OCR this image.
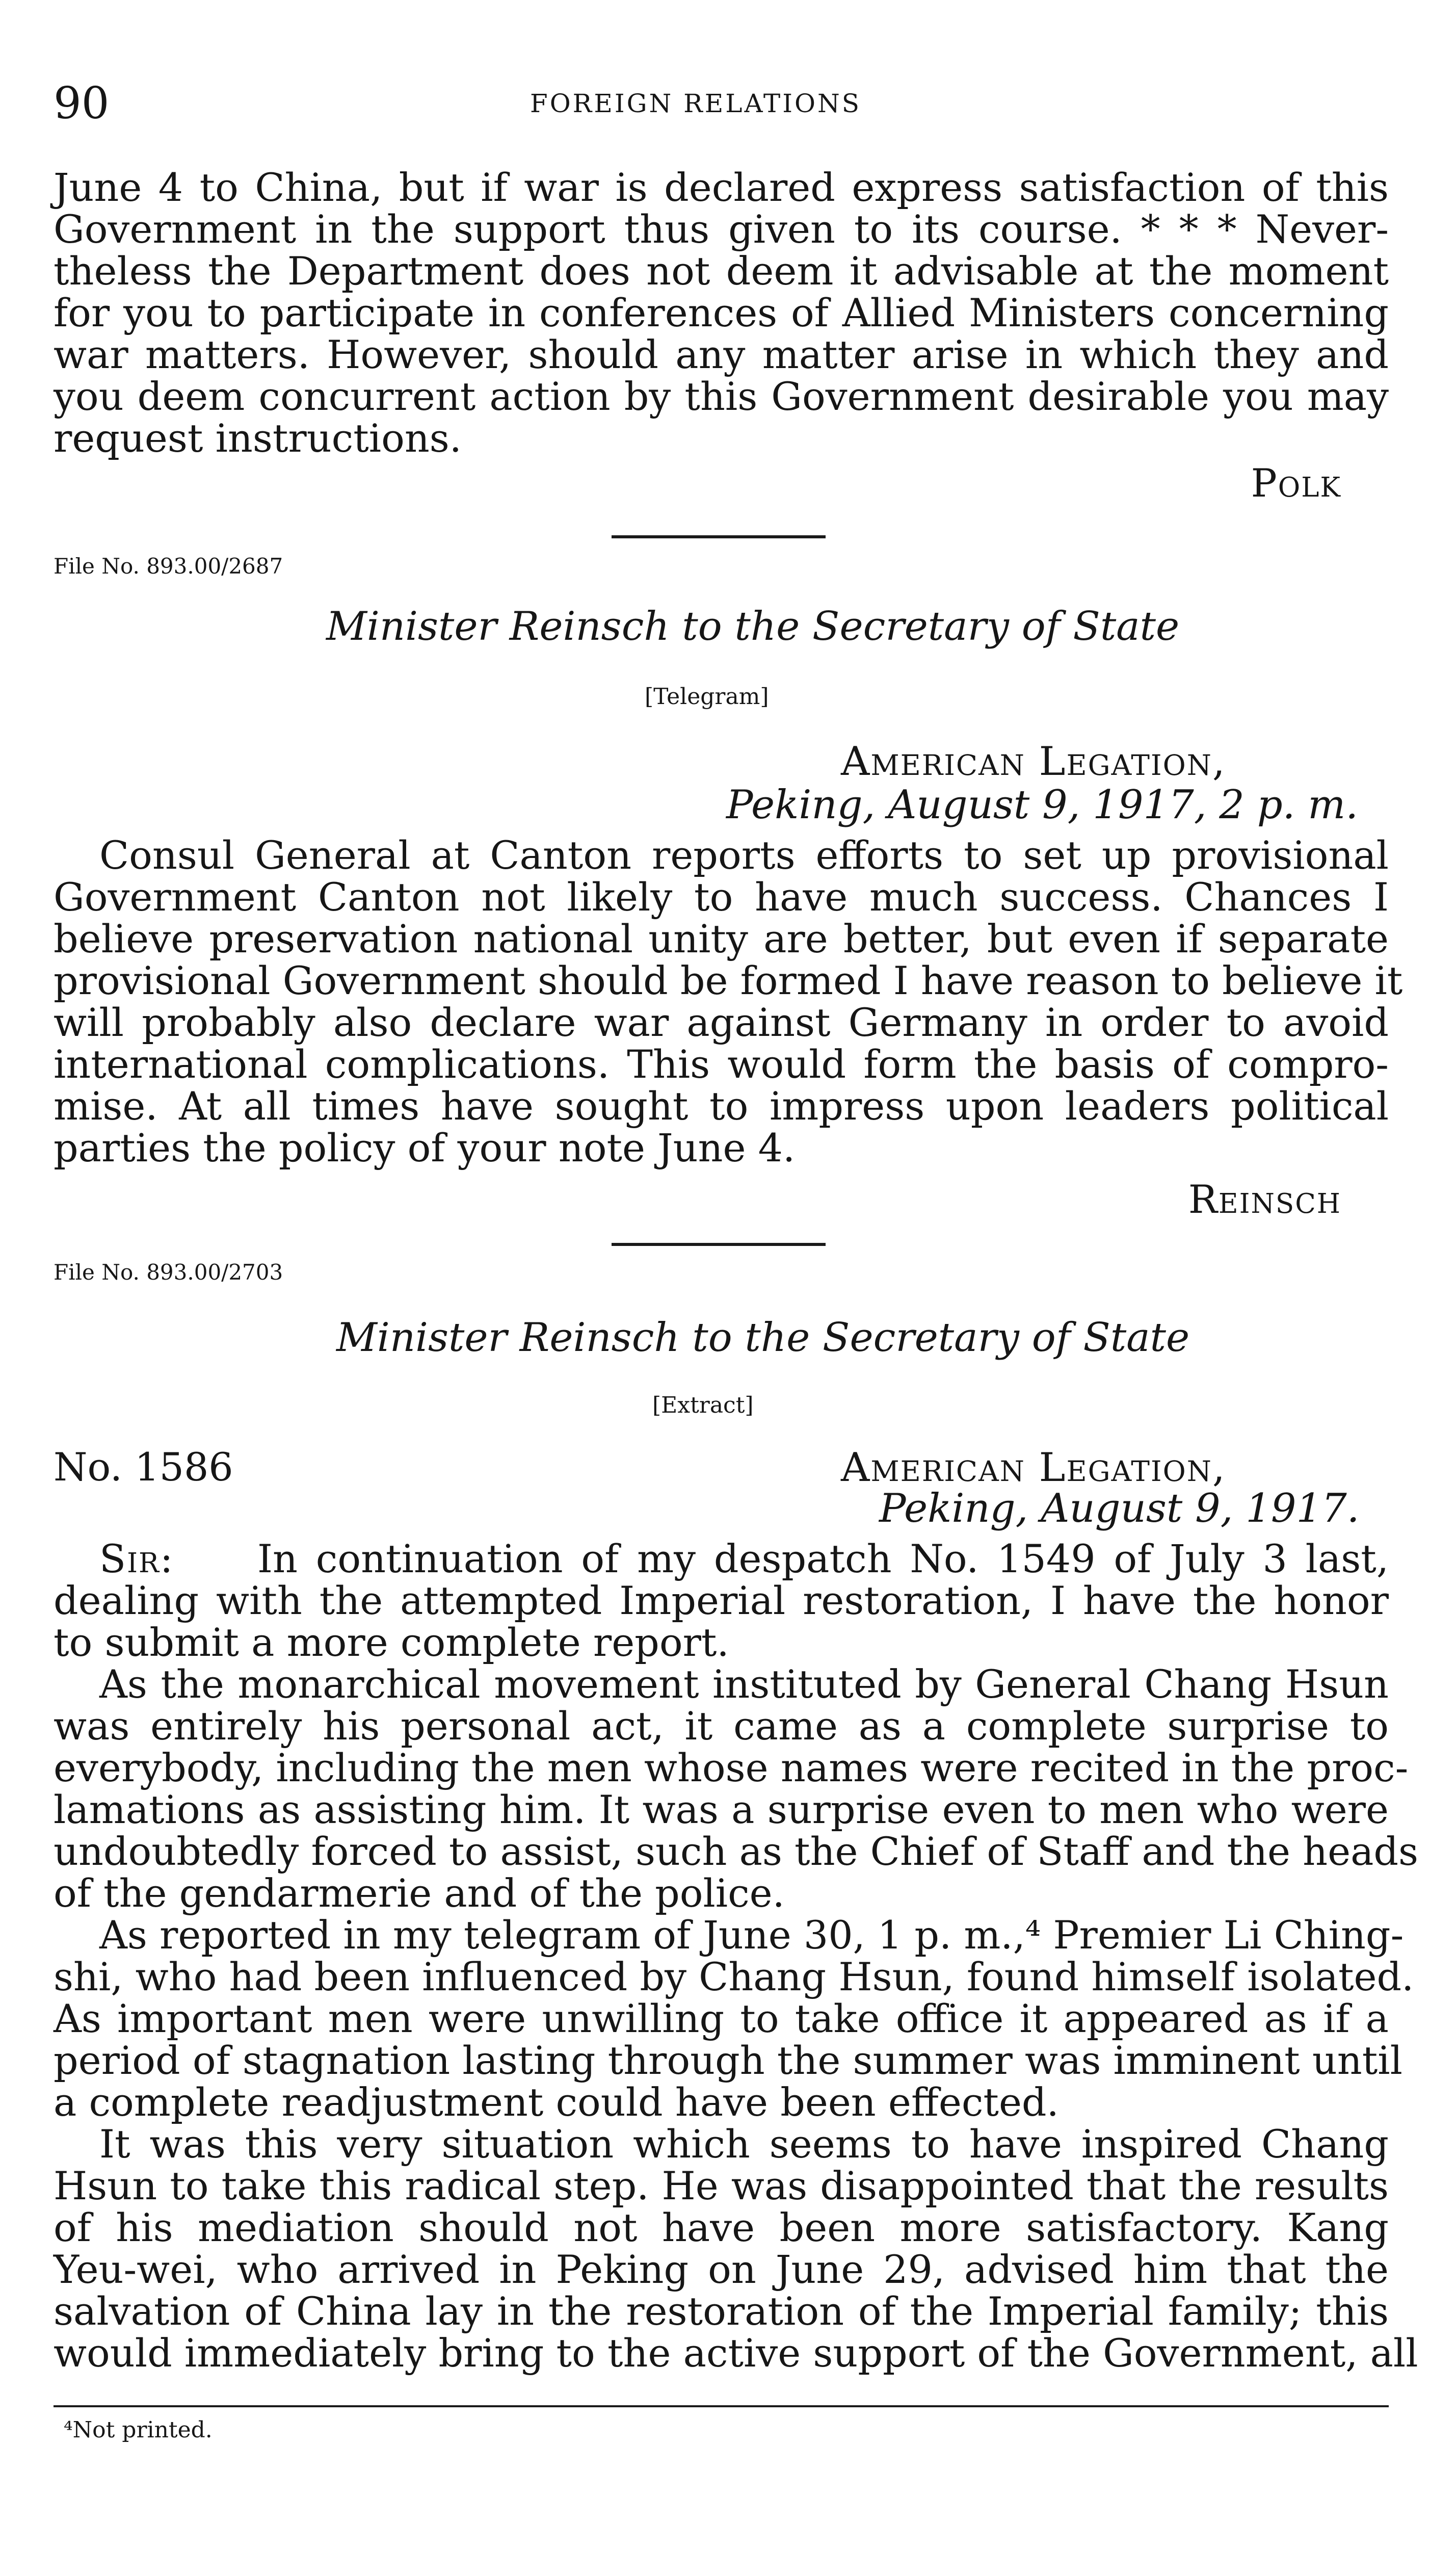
90	FOREIGN RELATIONS
June 4 to China, but if war is declared express satisfaction of this
Government in the support thus given to its course. * * * Never-
theless the Department does not deem it advisable at the moment
for you to participate in conferences of Allied Ministers concerning
war matters. However, should any matter arise in which they and
you deem concurrent action by this Government desirable you may
request instructions.
Polk
File No. 893.00/2687
Minister Reinsch to the Secretary of State
[Telegram]
American Legation,
Peking, August 9, 1917, 2 p. m.
Consul General at Canton reports efforts to set up provisional
Government Canton not likely to have much success. Chances I
believe preservation national unity are better, but even if separate
provisional Government should be formed I have reason to believe it
will probably also declare war against Germany in order to avoid
international complications. This would form the basis of compro-
mise. At all times have sought to impress upon leaders political
parties the policy of your note June 4.
Reinsch
File No. 893.00/2703
Minister Reinsch to the Secretary of State
[Extract]
No. 1586	American Legation,
Peking, August 9, 1917.
Sir: In continuation of my despatch No. 1549 of July 3 last,
dealing with the attempted Imperial restoration, I have the honor
to submit a more complete report.
As the monarchical movement instituted by General Chang Hsun
was entirely his personal act, it came as a complete surprise to
everybody, including the men whose names were recited in the proc-
lamations as assisting him. It was a surprise even to men who were
undoubtedly forced to assist, such as the Chief of Staff and the heads
of the gendarmerie and of the police.
As reported in my telegram of June 30, 1 p. m.,⁴ Premier Li Ching-
shi, who had been influenced by Chang Hsun, found himself isolated.
As important men were unwilling to take office it appeared as if a
period of stagnation lasting through the summer was imminent until
a complete readjustment could have been effected.
It was this very situation which seems to have inspired Chang
Hsun to take this radical step. He was disappointed that the results
of his mediation should not have been more satisfactory. Kang
Yeu-wei, who arrived in Peking on June 29, advised him that the
salvation of China lay in the restoration of the Imperial family; this
would immediately bring to the active support of the Government, all
⁴Not printed.
